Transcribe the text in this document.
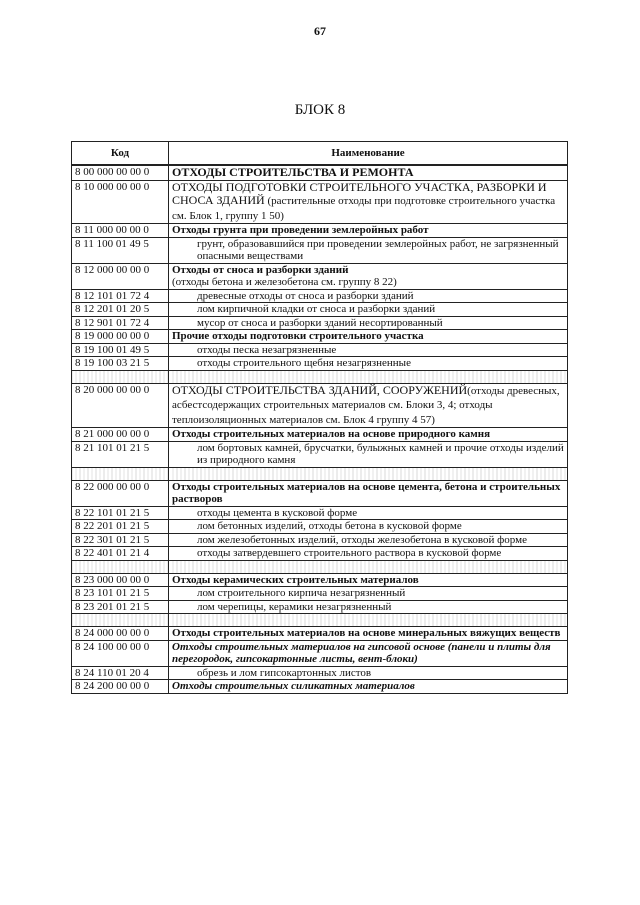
67
БЛОК 8
Код	Наименование
8 00 000 00 00 0	ОТХОДЫ СТРОИТЕЛЬСТВА И РЕМОНТА
8 10 000 00 00 0	ОТХОДЫ ПОДГОТОВКИ СТРОИТЕЛЬНОГО УЧАСТКА, РАЗБОРКИ И СНОСА ЗДАНИЙ (растительные отходы при подготовке строительного участка см. Блок 1, группу 1 50)
8 11 000 00 00 0	Отходы грунта при проведении землеройных работ
8 11 100 01 49 5	грунт, образовавшийся при проведении землеройных работ, не загрязненный опасными веществами
8 12 000 00 00 0	Отходы от сноса и разборки зданий
(отходы бетона и железобетона см. группу 8 22)

8 12 101 01 72 4	древесные отходы от сноса и разборки зданий
8 12 201 01 20 5	лом кирпичной кладки от сноса и разборки зданий
8 12 901 01 72 4	мусор от сноса и разборки зданий несортированный
8 19 000 00 00 0	Прочие отходы подготовки строительного участка
8 19 100 01 49 5	отходы песка незагрязненные
8 19 100 03 21 5	отходы строительного щебня незагрязненные

8 20 000 00 00 0	ОТХОДЫ СТРОИТЕЛЬСТВА ЗДАНИЙ, СООРУЖЕНИЙ(отходы древесных, асбестсодержащих строительных материалов см. Блоки 3, 4; отходы теплоизоляционных материалов см. Блок 4 группу 4 57)
8 21 000 00 00 0	Отходы строительных материалов на основе природного камня
8 21 101 01 21 5	лом бортовых камней, брусчатки, булыжных камней и прочие отходы изделий из природного камня

8 22 000 00 00 0	Отходы строительных материалов на основе цемента, бетона и строительных растворов
8 22 101 01 21 5	отходы цемента в кусковой форме
8 22 201 01 21 5	лом бетонных изделий, отходы бетона в кусковой форме
8 22 301 01 21 5	лом железобетонных изделий, отходы железобетона в кусковой форме
8 22 401 01 21 4	отходы затвердевшего строительного раствора в кусковой форме

8 23 000 00 00 0	Отходы керамических строительных материалов
8 23 101 01 21 5	лом строительного кирпича незагрязненный
8 23 201 01 21 5	лом черепицы, керамики незагрязненный

8 24 000 00 00 0	Отходы строительных материалов на основе минеральных вяжущих веществ
8 24 100 00 00 0	Отходы строительных материалов на гипсовой основе (панели и плиты для перегородок, гипсокартонные листы, вент-блоки)
8 24 110 01 20 4	обрезь и лом гипсокартонных листов
8 24 200 00 00 0	Отходы строительных силикатных материалов
